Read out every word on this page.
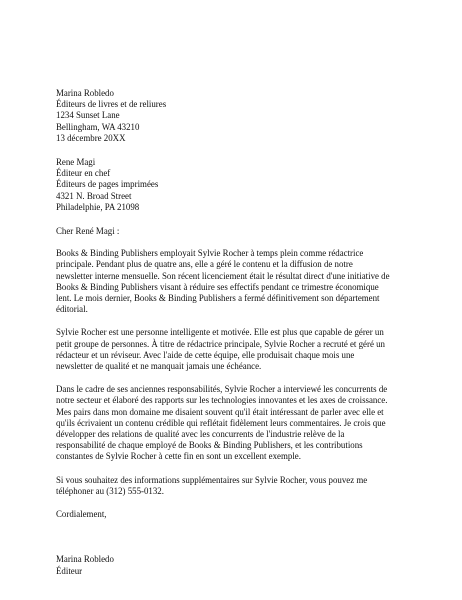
Marina Robledo
Éditeurs de livres et de reliures
1234 Sunset Lane
Bellingham, WA 43210
13 décembre 20XX
Rene Magi
Éditeur en chef
Éditeurs de pages imprimées
4321 N. Broad Street
Philadelphie, PA 21098

Cher René Magi :

Books & Binding Publishers employait Sylvie Rocher à temps plein comme rédactrice
principale. Pendant plus de quatre ans, elle a géré le contenu et la diffusion de notre
newsletter interne mensuelle. Son récent licenciement était le résultat direct d'une initiative de
Books & Binding Publishers visant à réduire ses effectifs pendant ce trimestre économique
lent. Le mois dernier, Books & Binding Publishers a fermé définitivement son département
éditorial.
Sylvie Rocher est une personne intelligente et motivée. Elle est plus que capable de gérer un
petit groupe de personnes. À titre de rédactrice principale, Sylvie Rocher a recruté et géré un
rédacteur et un réviseur. Avec l'aide de cette équipe, elle produisait chaque mois une
newsletter de qualité et ne manquait jamais une échéance.
Dans le cadre de ses anciennes responsabilités, Sylvie Rocher a interviewé les concurrents de
notre secteur et élaboré des rapports sur les technologies innovantes et les axes de croissance.
Mes pairs dans mon domaine me disaient souvent qu'il était intéressant de parler avec elle et
qu'ils écrivaient un contenu crédible qui reflétait fidèlement leurs commentaires. Je crois que
développer des relations de qualité avec les concurrents de l'industrie relève de la
responsabilité de chaque employé de Books & Binding Publishers, et les contributions
constantes de Sylvie Rocher à cette fin en sont un excellent exemple.
Si vous souhaitez des informations supplémentaires sur Sylvie Rocher, vous pouvez me
téléphoner au (312) 555-0132.

Cordialement,

Marina Robledo
Éditeur
